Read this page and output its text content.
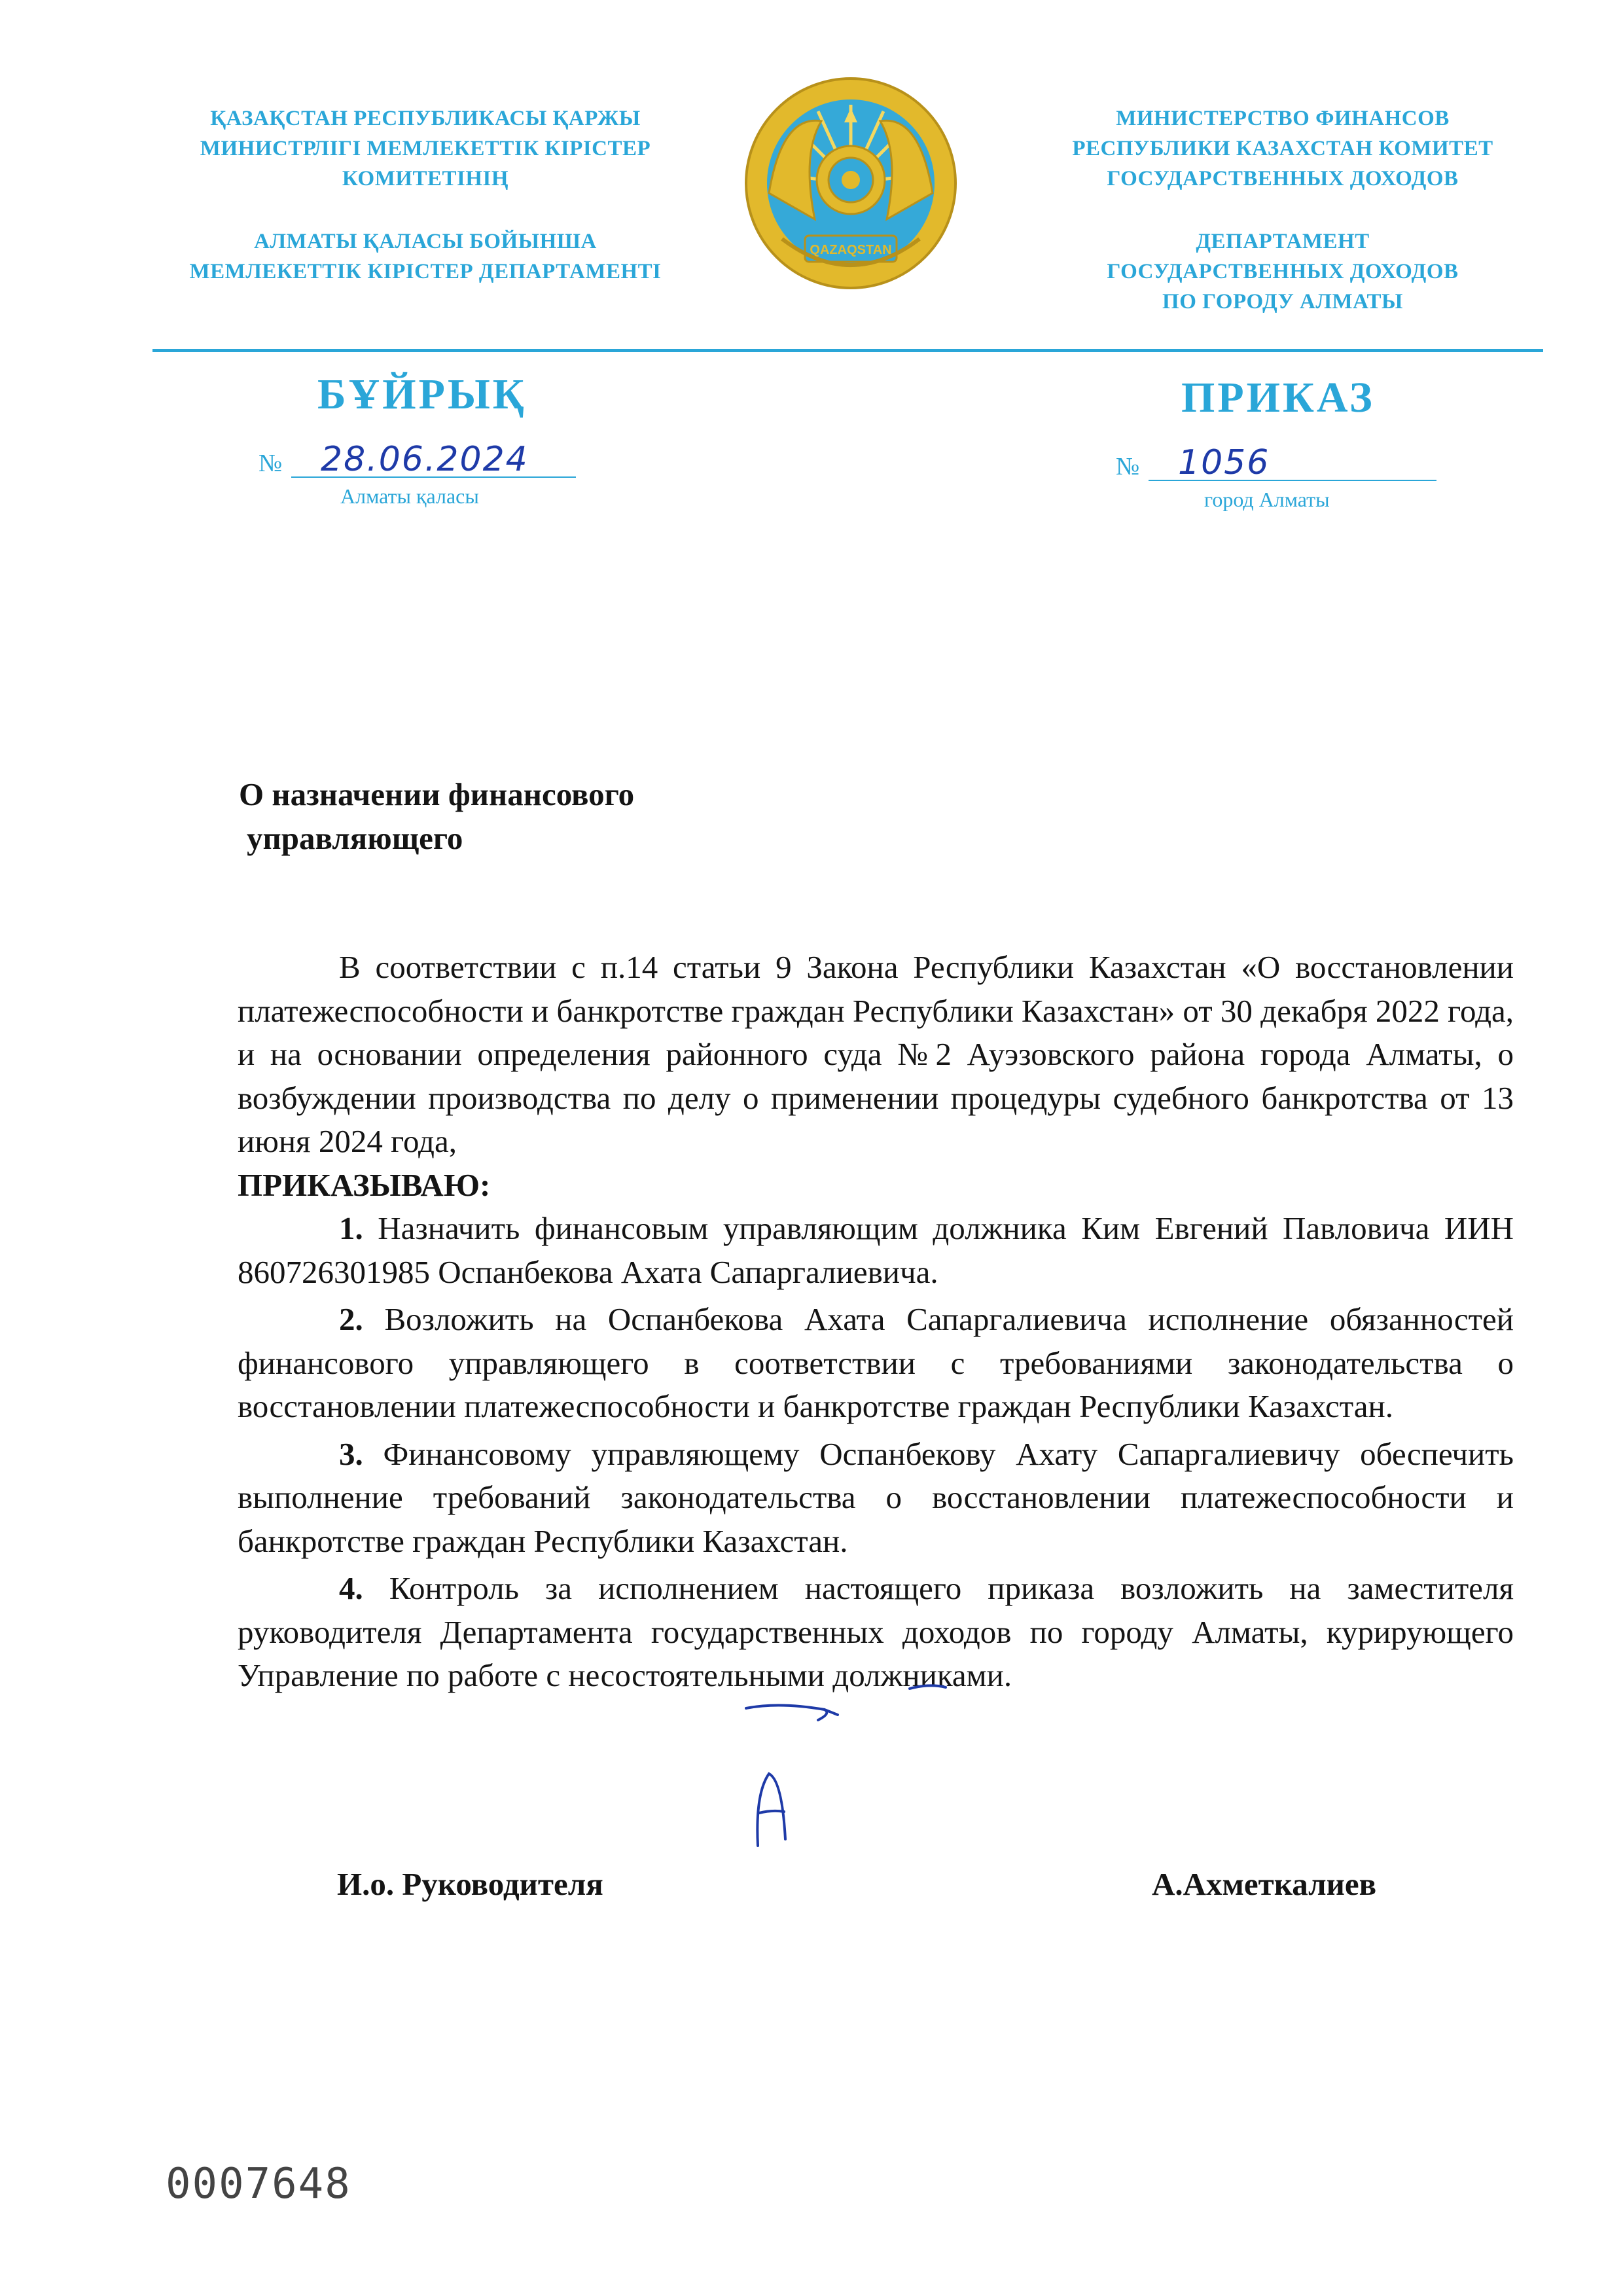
ҚАЗАҚСТАН РЕСПУБЛИКАСЫ ҚАРЖЫ
МИНИСТРЛІГІ МЕМЛЕКЕТТІК КІРІСТЕР
КОМИТЕТІНІҢ
АЛМАТЫ ҚАЛАСЫ БОЙЫНША
МЕМЛЕКЕТТІК КІРІСТЕР ДЕПАРТАМЕНТІ
QAZAQSTAN
МИНИСТЕРСТВО ФИНАНСОВ
РЕСПУБЛИКИ КАЗАХСТАН КОМИТЕТ
ГОСУДАРСТВЕННЫХ ДОХОДОВ
ДЕПАРТАМЕНТ
ГОСУДАРСТВЕННЫХ ДОХОДОВ
ПО ГОРОДУ АЛМАТЫ
БҰЙРЫҚ	ПРИКАЗ
№ 28.06.2024	№ 1056
Алматы қаласы	город Алматы
О назначении финансового
управляющего

В соответствии с п.14 статьи 9 Закона Республики Казахстан «О восстановлении платежеспособности и банкротстве граждан Республики Казахстан» от 30 декабря 2022 года, и на основании определения районного суда №2 Ауэзовского района города Алматы, о возбуждении производства по делу о применении процедуры судебного банкротства от 13 июня 2024 года,

ПРИКАЗЫВАЮ:

1. Назначить финансовым управляющим должника Ким Евгений Павловича ИИН 860726301985 Оспанбекова Ахата Сапаргалиевича.

2. Возложить на Оспанбекова Ахата Сапаргалиевича исполнение обязанностей финансового управляющего в соответствии с требованиями законодательства о восстановлении платежеспособности и банкротстве граждан Республики Казахстан.

3. Финансовому управляющему Оспанбекову Ахату Сапаргалиевичу обеспечить выполнение требований законодательства о восстановлении платежеспособности и банкротстве граждан Республики Казахстан.

4. Контроль за исполнением настоящего приказа возложить на заместителя руководителя Департамента государственных доходов по городу Алматы, курирующего Управление по работе с несостоятельными должниками.

И.о. Руководителя	А.Ахметкалиев
0007648
